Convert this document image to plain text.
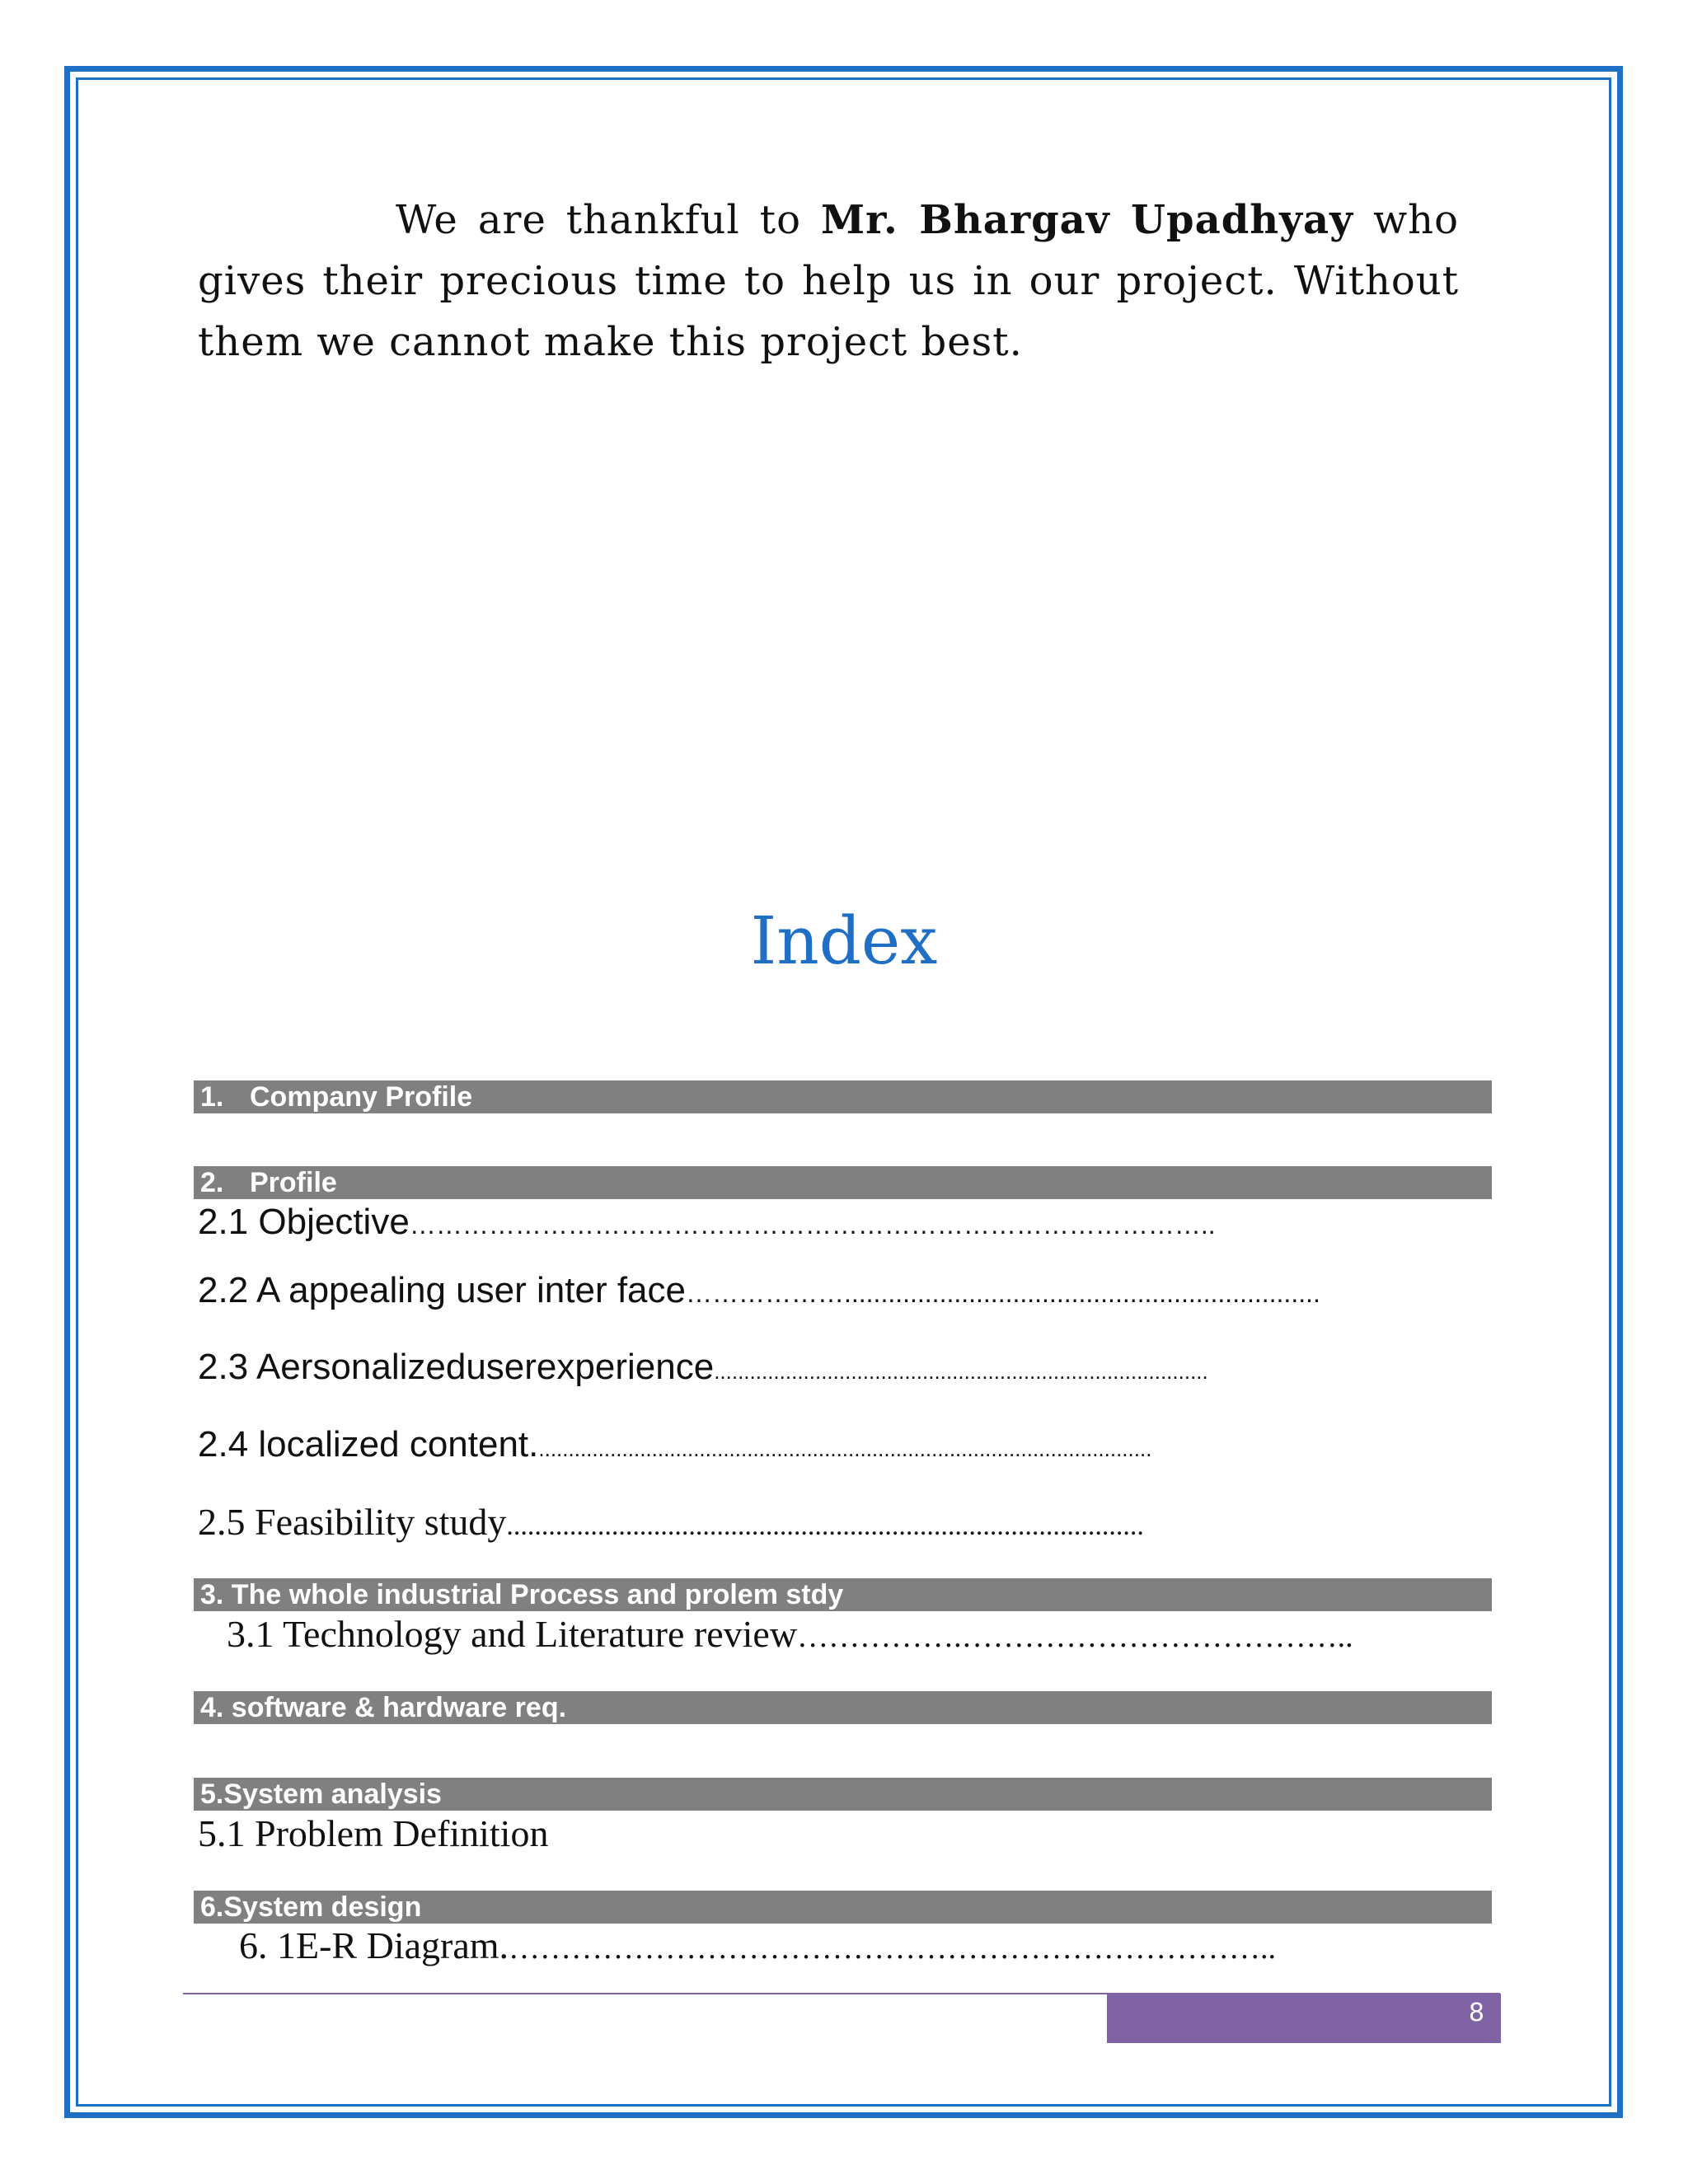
We are thankful to Mr. Bhargav Upadhyay who gives their precious time to help us in our project. Without them we cannot make this project best.
Index
1. Company Profile
2. Profile
2.1 Objective………………………………………………………………………………..
2.2 A appealing user inter face……………….................................................................
2.3 Aersonalizeduserexperience...................................................................................
2.4 localized content........................................................................................................
2.5 Feasibility study...........................................................................................
3. The whole industrial Process and prolem stdy
3.1 Technology and Literature review…………….………………………………..
4. software & hardware req.
5.System analysis
5.1 Problem Definition
6.System design
6. 1E-R Diagram.………………………………………………………………..
8
